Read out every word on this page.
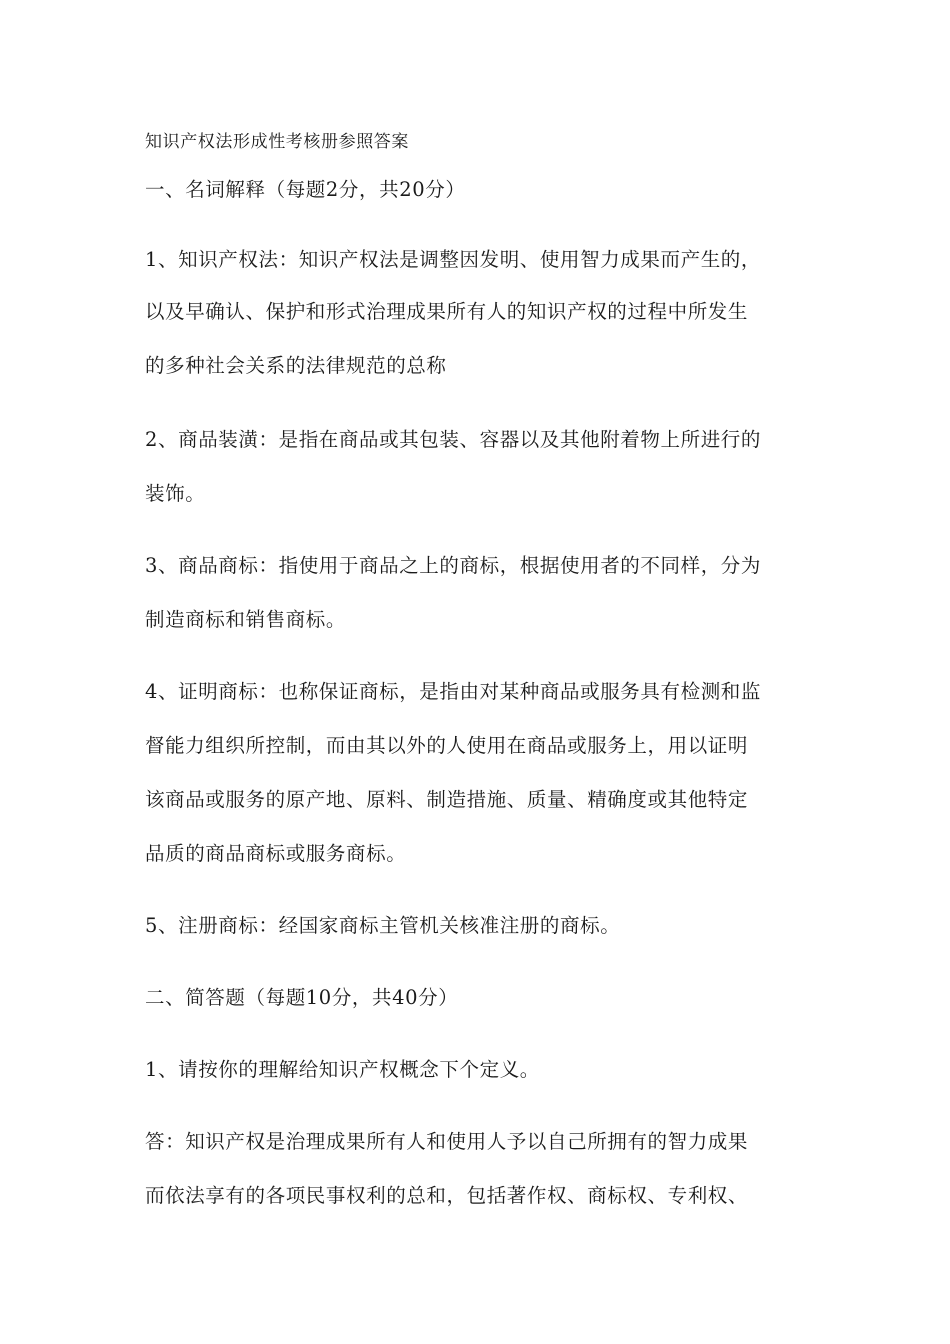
知识产权法形成性考核册参照答案
一、名词解释（每题2分，共20分）
1、知识产权法：知识产权法是调整因发明、使用智力成果而产生的，
以及早确认、保护和形式治理成果所有人的知识产权的过程中所发生
的多种社会关系的法律规范的总称
2、商品装潢：是指在商品或其包装、容器以及其他附着物上所进行的
装饰。
3、商品商标：指使用于商品之上的商标，根据使用者的不同样，分为
制造商标和销售商标。
4、证明商标：也称保证商标，是指由对某种商品或服务具有检测和监
督能力组织所控制，而由其以外的人使用在商品或服务上，用以证明
该商品或服务的原产地、原料、制造措施、质量、精确度或其他特定
品质的商品商标或服务商标。
5、注册商标：经国家商标主管机关核准注册的商标。
二、简答题（每题10分，共40分）
1、请按你的理解给知识产权概念下个定义。
答：知识产权是治理成果所有人和使用人予以自己所拥有的智力成果
而依法享有的各项民事权利的总和，包括著作权、商标权、专利权、
